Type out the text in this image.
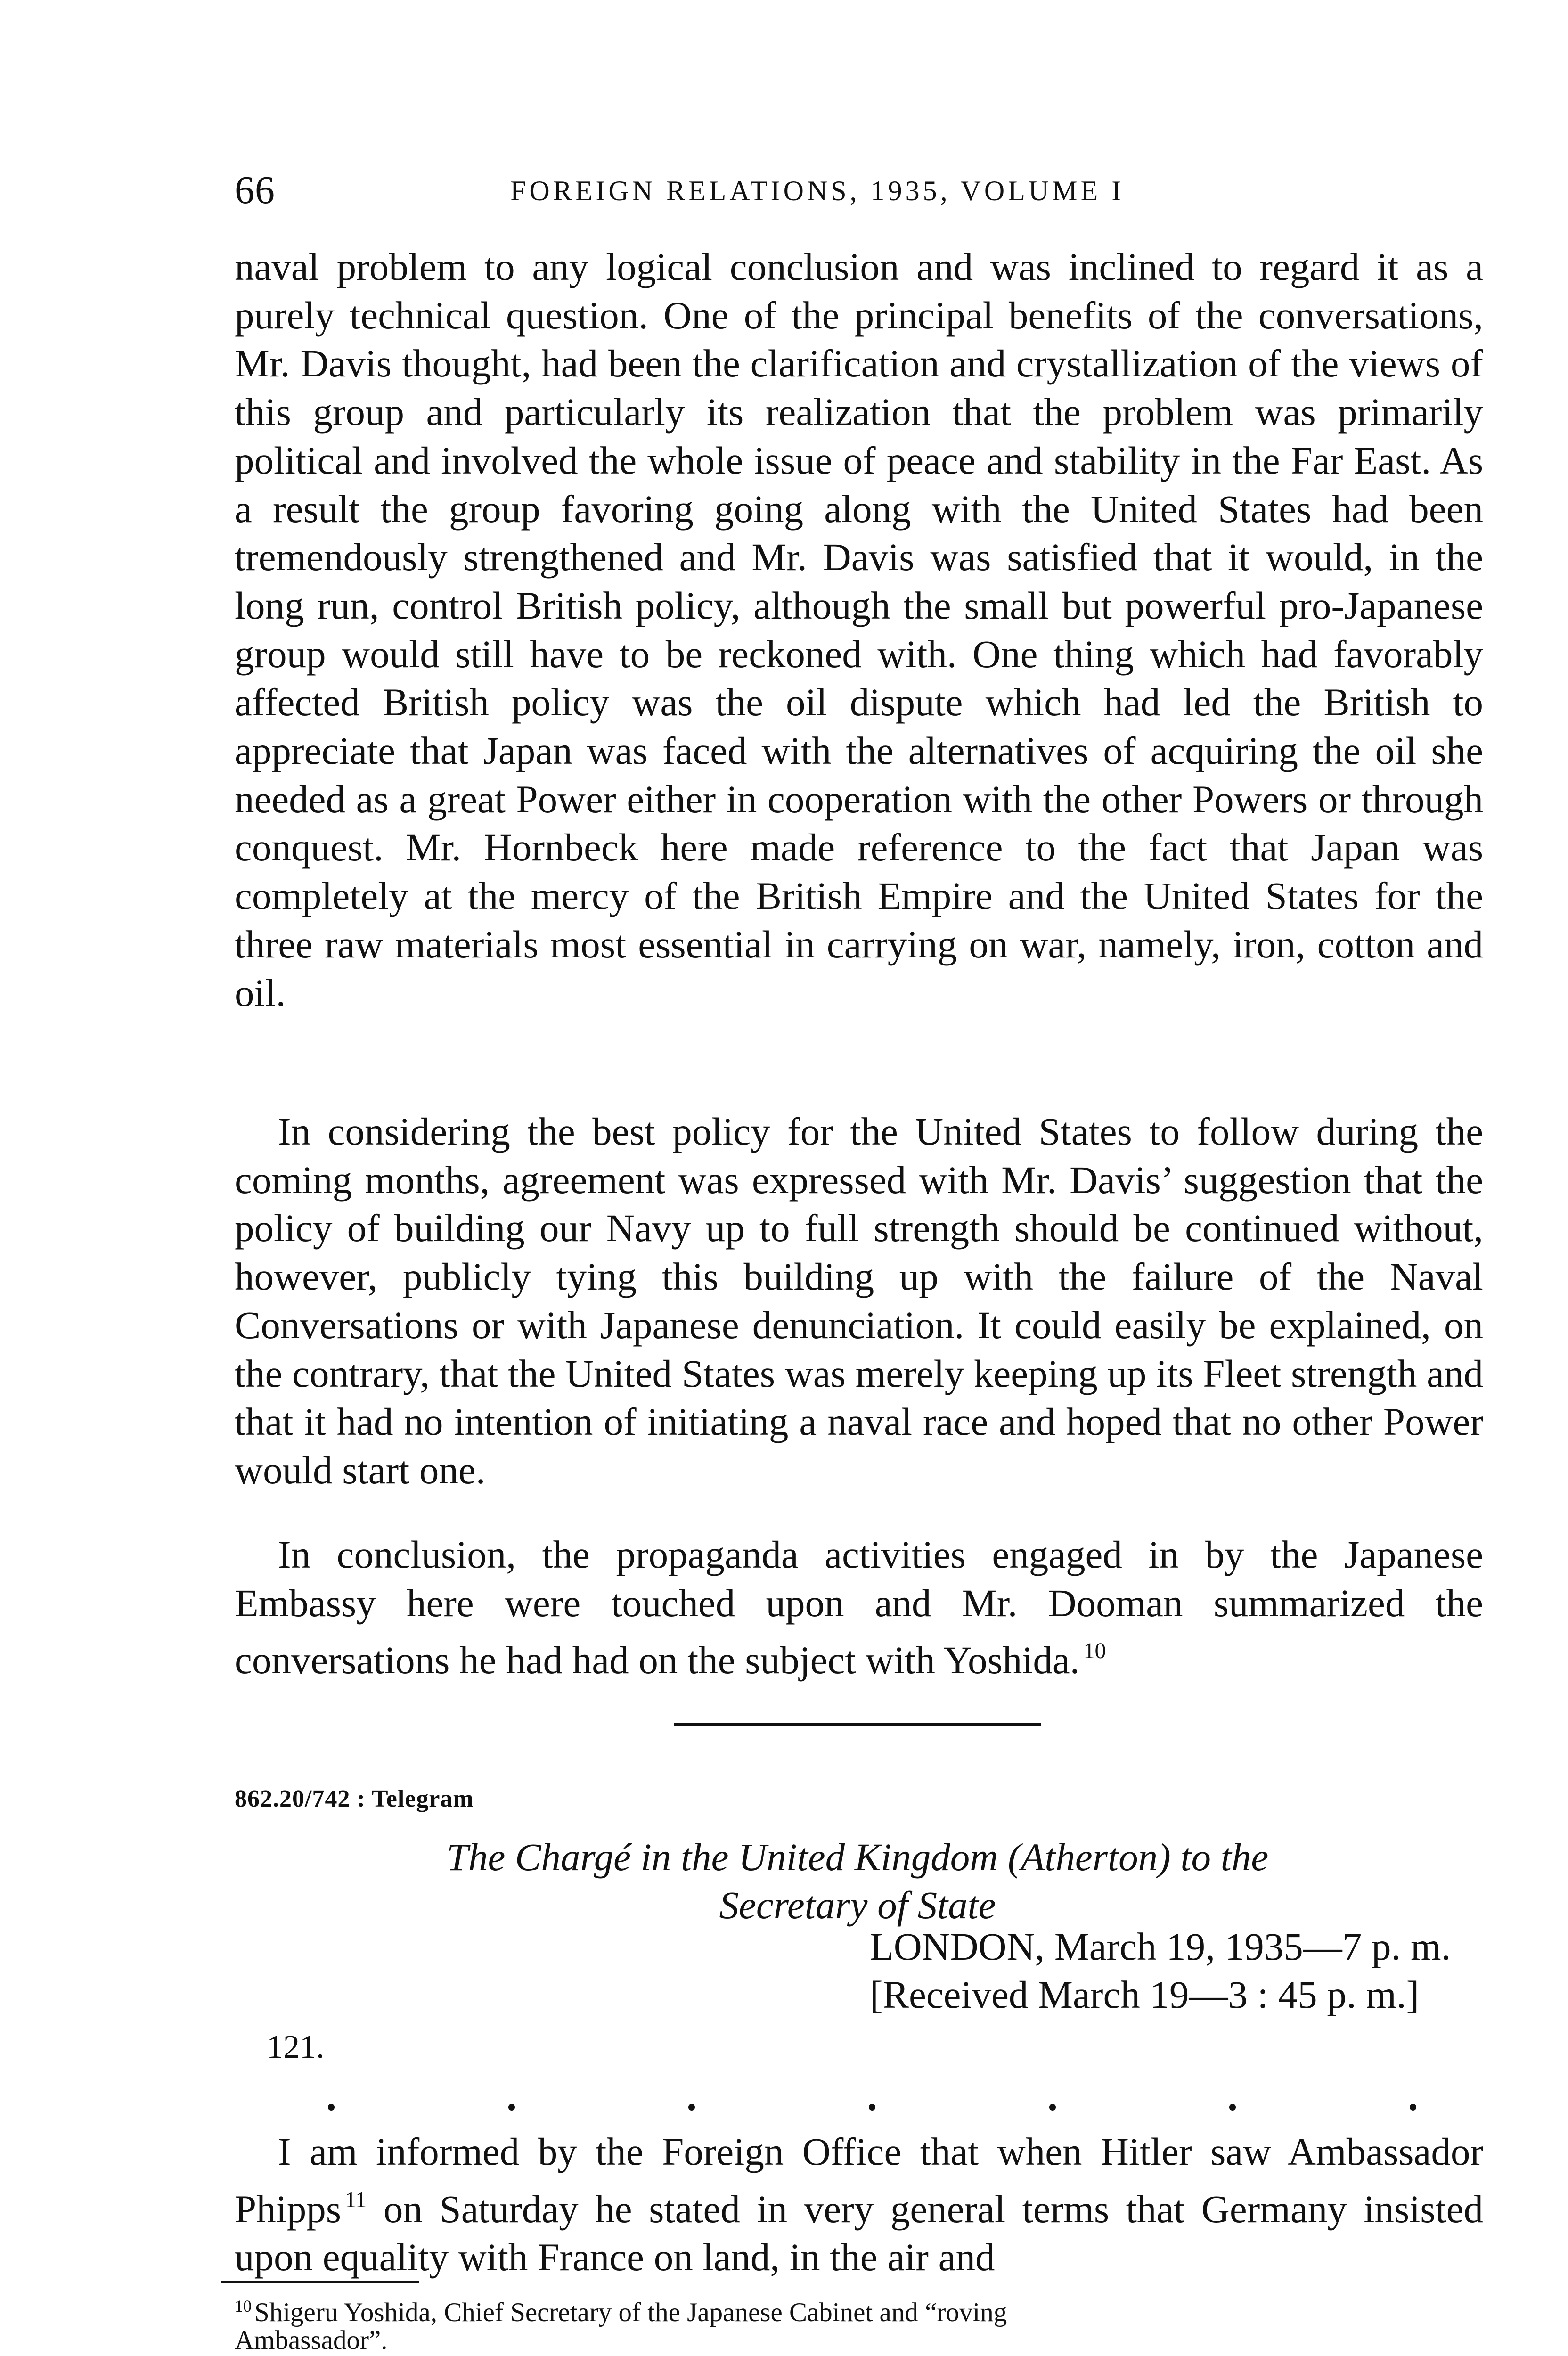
66	FOREIGN RELATIONS, 1935, VOLUME I

naval problem to any logical conclusion and was inclined to regard it as a purely technical question. One of the principal benefits of the conversations, Mr. Davis thought, had been the clarification and crystallization of the views of this group and particularly its realization that the problem was primarily political and involved the whole issue of peace and stability in the Far East. As a result the group favoring going along with the United States had been tremendously strengthened and Mr. Davis was satisfied that it would, in the long run, control British policy, although the small but powerful pro-Japanese group would still have to be reckoned with. One thing which had favorably affected British policy was the oil dispute which had led the British to appreciate that Japan was faced with the alternatives of acquiring the oil she needed as a great Power either in cooperation with the other Powers or through conquest. Mr. Hornbeck here made reference to the fact that Japan was completely at the mercy of the British Empire and the United States for the three raw materials most essential in carrying on war, namely, iron, cotton and oil.

In considering the best policy for the United States to follow during the coming months, agreement was expressed with Mr. Davis’ suggestion that the policy of building our Navy up to full strength should be continued without, however, publicly tying this building up with the failure of the Naval Conversations or with Japanese denunciation. It could easily be explained, on the contrary, that the United States was merely keeping up its Fleet strength and that it had no intention of initiating a naval race and hoped that no other Power would start one.

In conclusion, the propaganda activities engaged in by the Japanese Embassy here were touched upon and Mr. Dooman summarized the conversations he had had on the subject with Yoshida. $^{10}$

862.20/742 : Telegram
The Chargé in the United Kingdom (Atherton) to the
Secretary of State
LONDON, March 19, 1935—7 p. m.
[Received March 19—3 : 45 p. m.]
121.

I am informed by the Foreign Office that when Hitler saw Ambassador Phipps $^{11}$ on Saturday he stated in very general terms that Germany insisted upon equality with France on land, in the air and

$^{10}$ Shigeru Yoshida, Chief Secretary of the Japanese Cabinet and “roving
Ambassador”.
